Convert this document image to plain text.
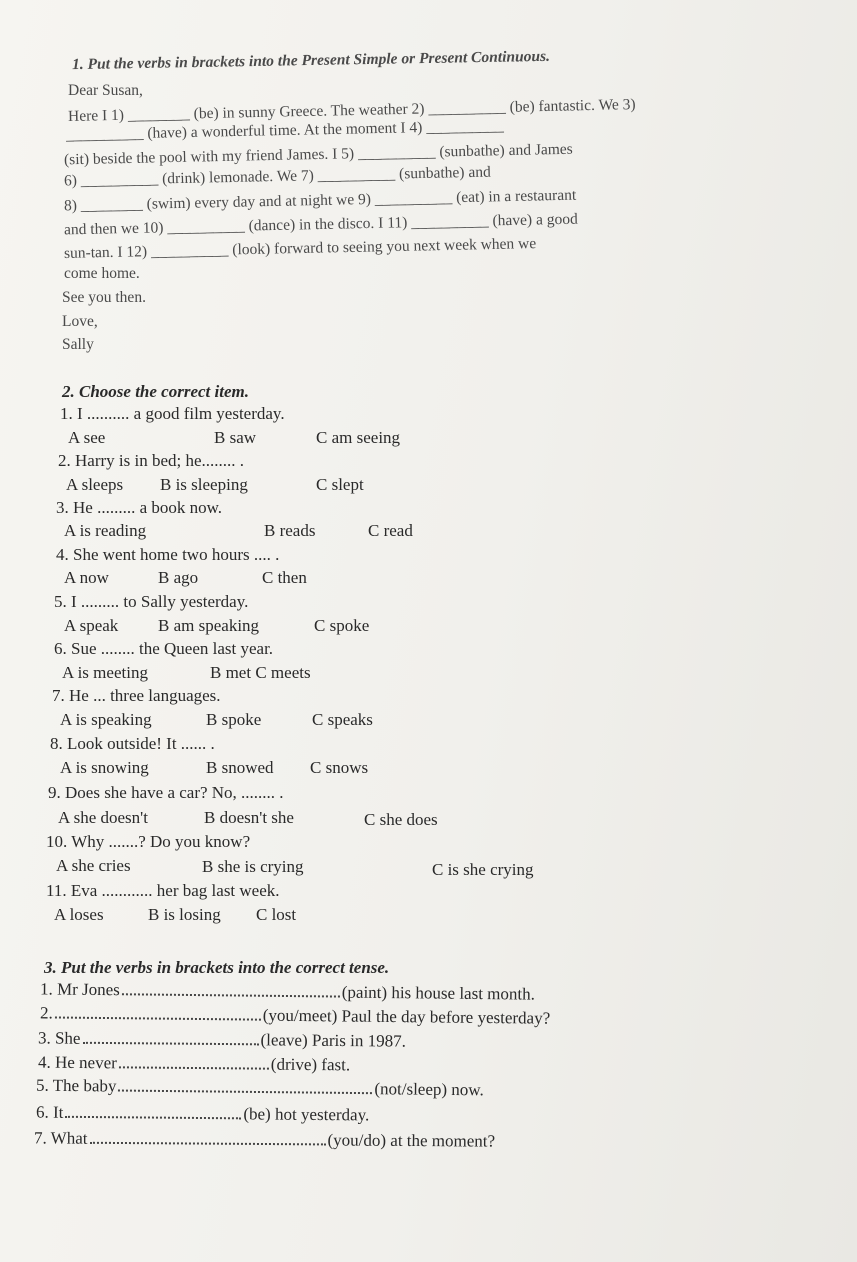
1. Put the verbs in brackets into the Present Simple or Present Continuous.
Dear Susan,
Here I 1) ________ (be) in sunny Greece. The weather 2) __________ (be) fantastic. We 3)
__________ (have) a wonderful time. At the moment I 4) __________
(sit) beside the pool with my friend James. I 5) __________ (sunbathe) and James
6) __________ (drink) lemonade. We 7) __________ (sunbathe) and
8) ________ (swim) every day and at night we 9) __________ (eat) in a restaurant
and then we 10) __________ (dance) in the disco. I 11) __________ (have) a good
sun-tan. I 12) __________ (look) forward to seeing you next week when we
come home.
See you then.
Love,
Sally
2. Choose the correct item.
1. I .......... a good film yesterday.
A see	B saw	C am seeing
2. Harry is in bed; he........ .
A sleeps B is sleeping	C slept
3. He ......... a book now.
A is reading	B reads	C read
4. She went home two hours .... .
A now	B ago	C then
5. I ......... to Sally yesterday.
A speak B am speaking	C spoke
6. Sue ........ the Queen last year.
A is meeting	B met C meets
7. He ... three languages.
A is speaking	B spoke	C speaks
8. Look outside! It ...... .
A is snowing	B snowed C snows
9. Does she have a car? No, ........ .
A she doesn't	B doesn't she	C she does
10. Why .......? Do you know?
A she cries	B she is crying	C is she crying
11. Eva ............ her bag last week.
A loses	B is losing C lost
3. Put the verbs in brackets into the correct tense.
1. Mr Jones	(paint) his house last month.
2.	(you/meet) Paul the day before yesterday?
3. She	(leave) Paris in 1987.
4. He never	(drive) fast.
5. The baby	(not/sleep) now.
6. It	(be) hot yesterday.
7. What	(you/do) at the moment?
